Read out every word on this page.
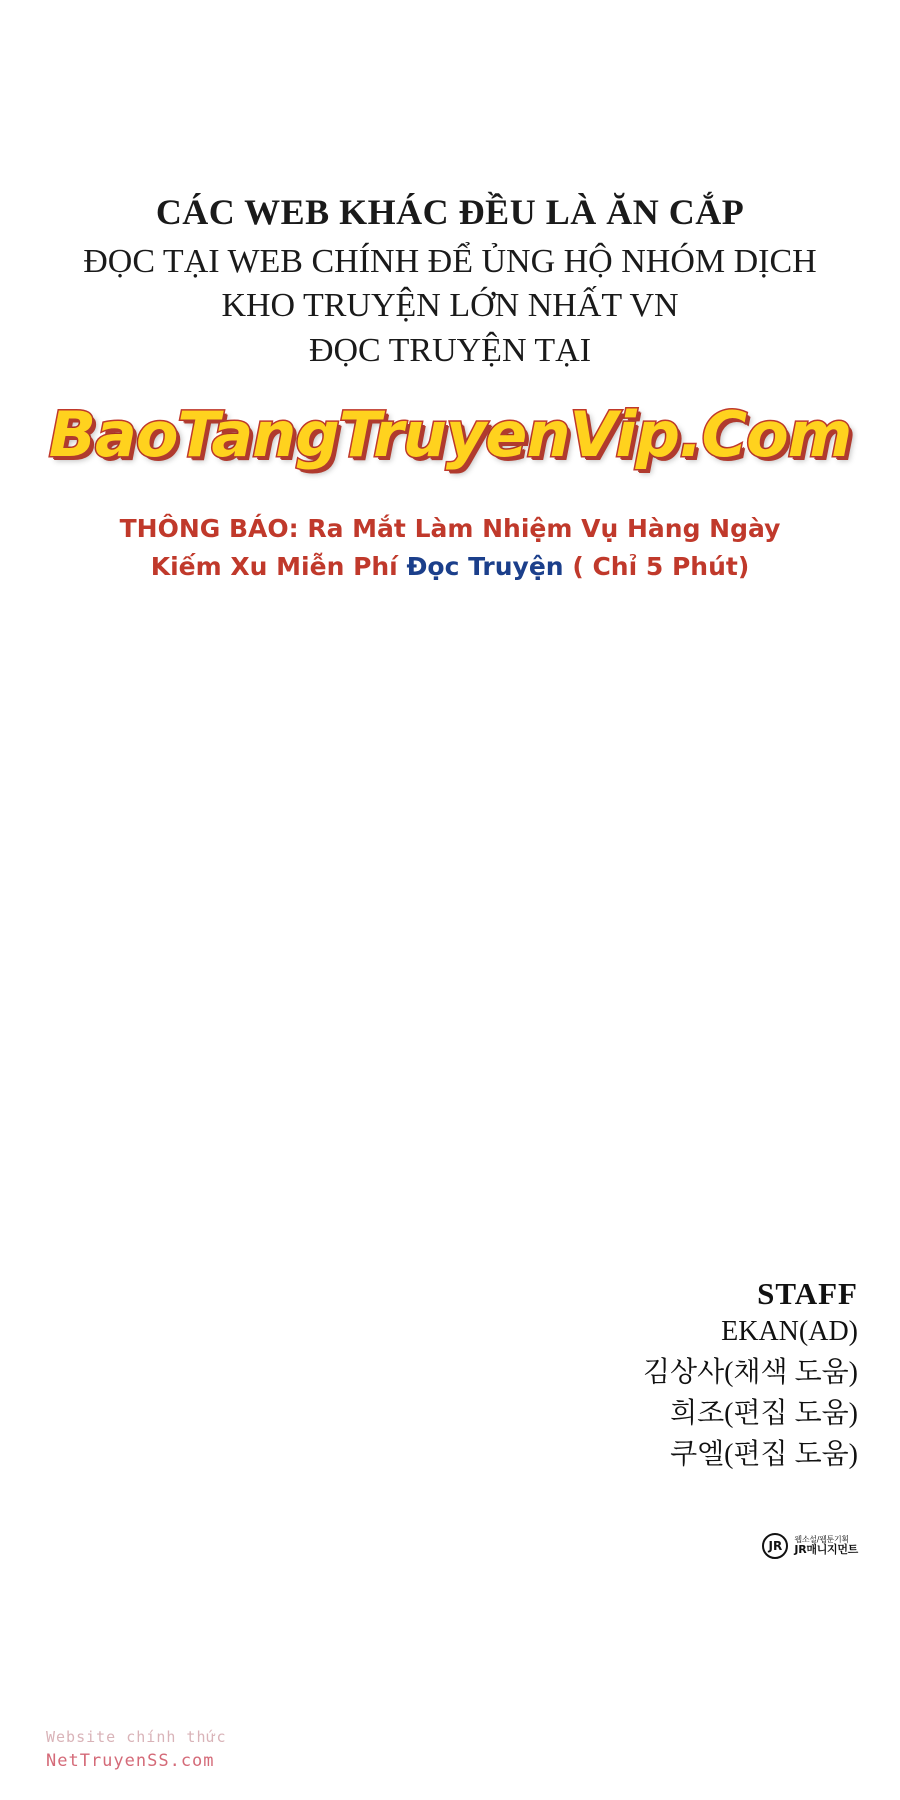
CÁC WEB KHÁC ĐỀU LÀ ĂN CẮP
ĐỌC TẠI WEB CHÍNH ĐỂ ỦNG HỘ NHÓM DỊCH
KHO TRUYỆN LỚN NHẤT VN
ĐỌC TRUYỆN TẠI
BaoTangTruyenVip.Com
THÔNG BÁO: Ra Mắt Làm Nhiệm Vụ Hàng Ngày
Kiếm Xu Miễn Phí Đọc Truyện ( Chỉ 5 Phút)
STAFF
EKAN(AD)
김상사(채색 도움)
희조(편집 도움)
쿠엘(편집 도움)
JR	웹소설/웹툰기획
JR매니지먼트
Website chính thức
NetTruyenSS.com
